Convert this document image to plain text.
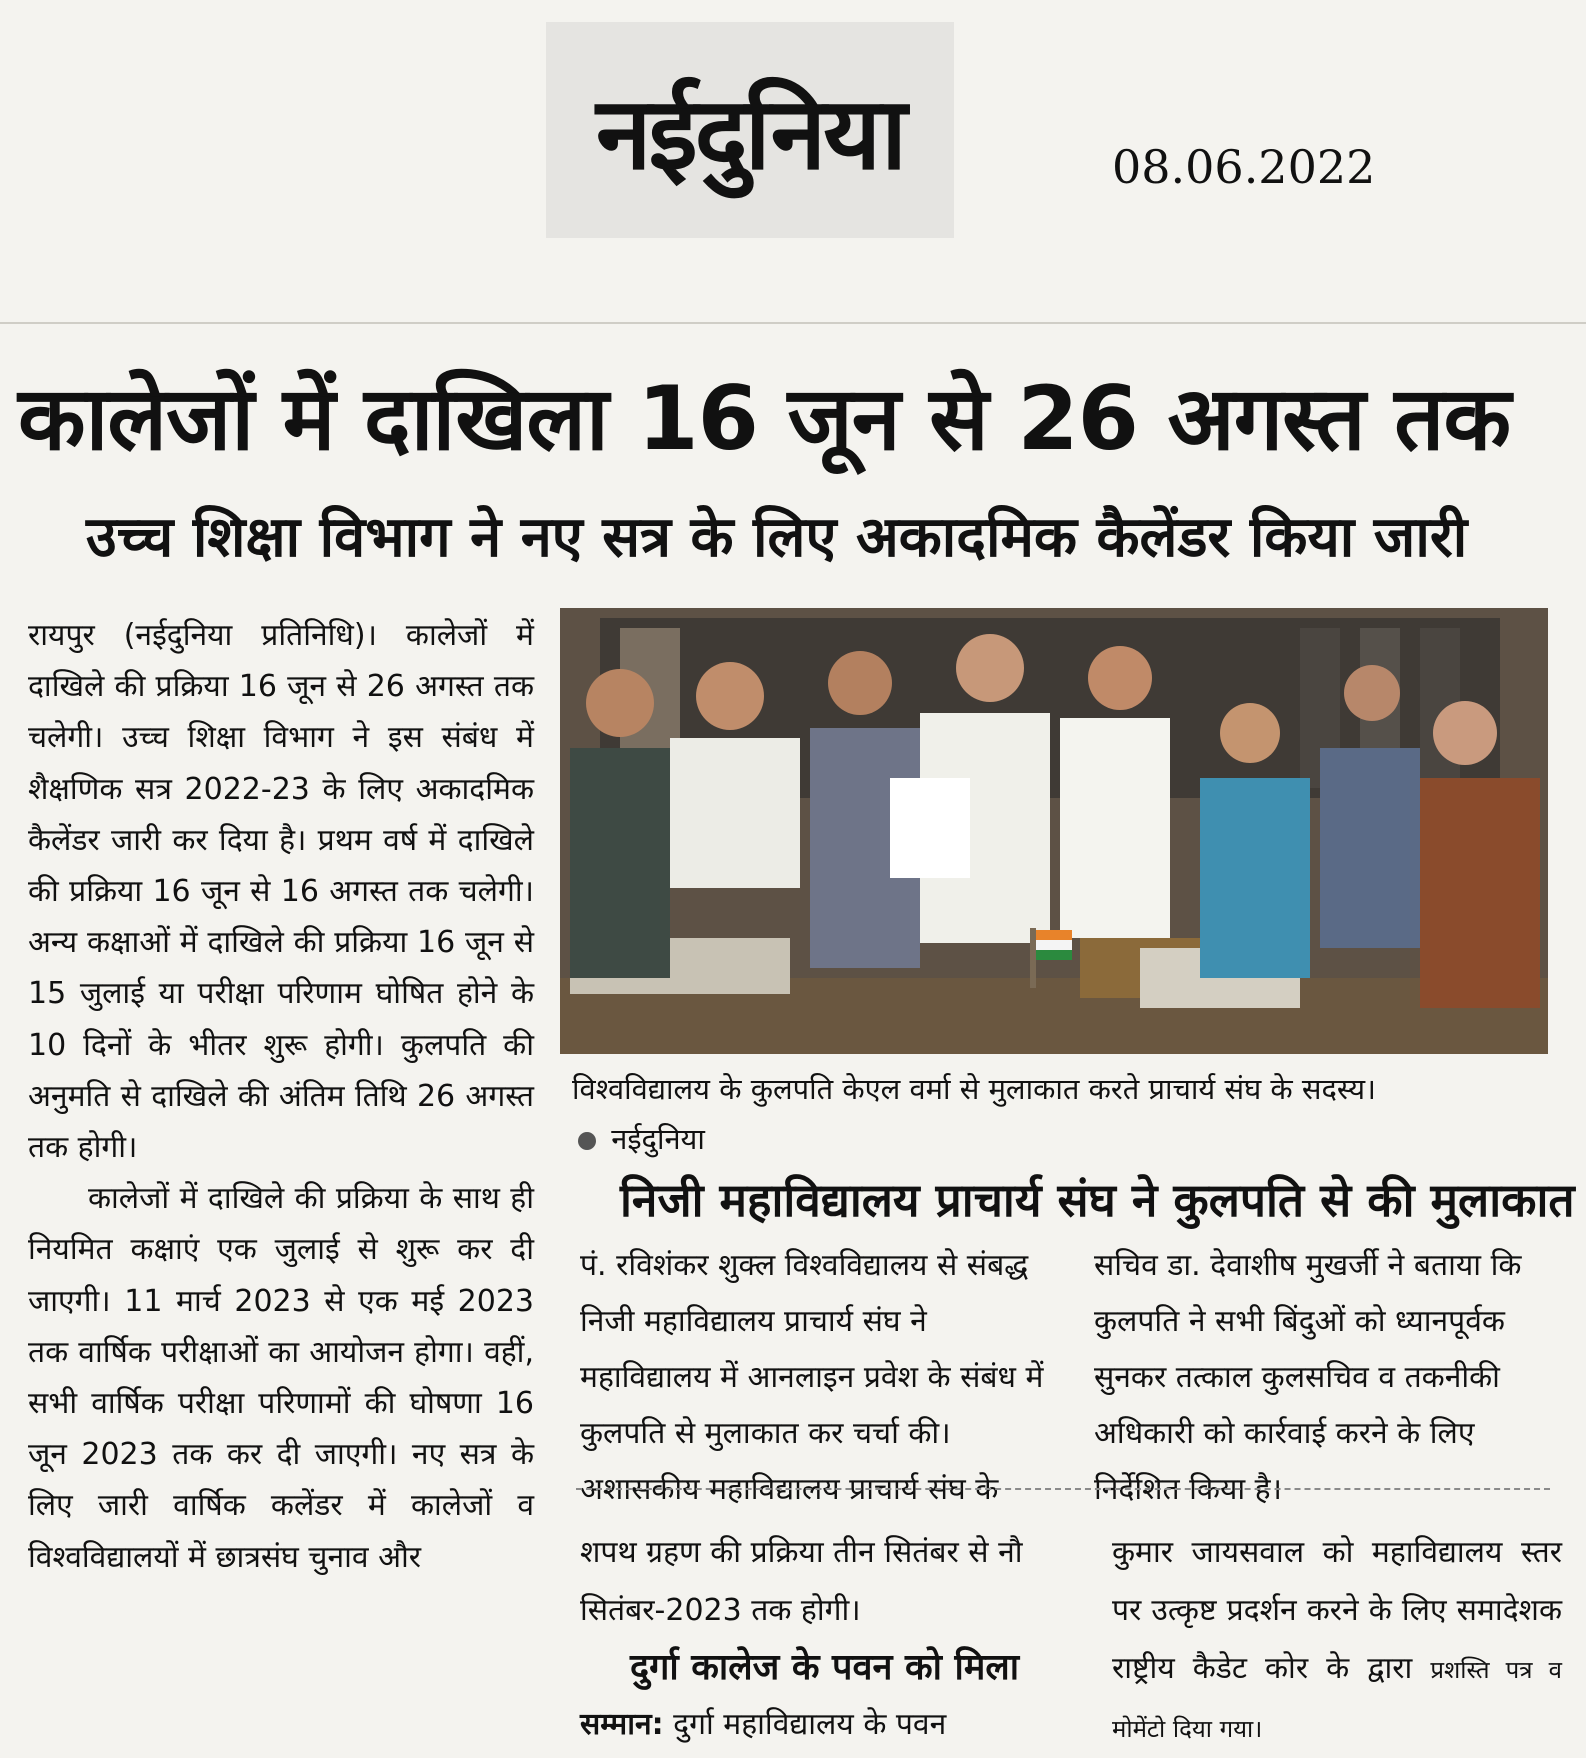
नईदुनिया	08.06.2022
कालेजों में दाखिला 16 जून से 26 अगस्त तक
उच्च शिक्षा विभाग ने नए सत्र के लिए अकादमिक कैलेंडर किया जारी

रायपुर (नईदुनिया प्रतिनिधि)। कालेजों में दाखिले की प्रक्रिया 16 जून से 26 अगस्त तक चलेगी। उच्च शिक्षा विभाग ने इस संबंध में शैक्षणिक सत्र 2022-23 के लिए अकादमिक कैलेंडर जारी कर दिया है। प्रथम वर्ष में दाखिले की प्रक्रिया 16 जून से 16 अगस्त तक चलेगी। अन्य कक्षाओं में दाखिले की प्रक्रिया 16 जून से 15 जुलाई या परीक्षा परिणाम घोषित होने के 10 दिनों के भीतर शुरू होगी। कुलपति की अनुमति से दाखिले की अंतिम तिथि 26 अगस्त तक होगी।

कालेजों में दाखिले की प्रक्रिया के साथ ही नियमित कक्षाएं एक जुलाई से शुरू कर दी जाएगी। 11 मार्च 2023 से एक मई 2023 तक वार्षिक परीक्षाओं का आयोजन होगा। वहीं, सभी वार्षिक परीक्षा परिणामों की घोषणा 16 जून 2023 तक कर दी जाएगी। नए सत्र के लिए जारी वार्षिक कलेंडर में कालेजों व विश्वविद्यालयों में छात्रसंघ चुनाव और

विश्वविद्यालय के कुलपति केएल वर्मा से मुलाकात करते प्राचार्य संघ के सदस्य।  नईदुनिया
निजी महाविद्यालय प्राचार्य संघ ने कुलपति से की मुलाकात
पं. रविशंकर शुक्ल विश्वविद्यालय से संबद्ध निजी महाविद्यालय प्राचार्य संघ ने महाविद्यालय में आनलाइन प्रवेश के संबंध में कुलपति से मुलाकात कर चर्चा की। अशासकीय महाविद्यालय प्राचार्य संघ के
सचिव डा. देवाशीष मुखर्जी ने बताया कि कुलपति ने सभी बिंदुओं को ध्यानपूर्वक सुनकर तत्काल कुलसचिव व तकनीकी अधिकारी को कार्रवाई करने के लिए निर्देशित किया है।
शपथ ग्रहण की प्रक्रिया तीन सितंबर से नौ सितंबर-2023 तक होगी।
दुर्गा कालेज के पवन को मिला
सम्मान: दुर्गा महाविद्यालय के पवन
कुमार जायसवाल को महाविद्यालय स्तर पर उत्कृष्ट प्रदर्शन करने के लिए समादेशक राष्ट्रीय कैडेट कोर के द्वारा प्रशस्ति पत्र व मोमेंटो दिया गया।
